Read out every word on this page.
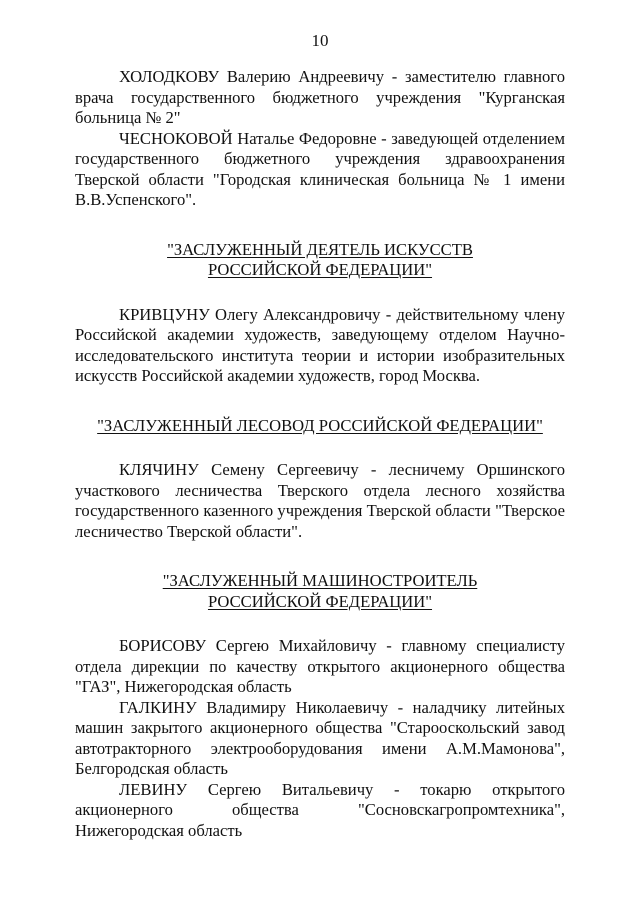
10

ХОЛОДКОВУ Валерию Андреевичу - заместителю главного врача государственного бюджетного учреждения "Курганская больница № 2"

ЧЕСНОКОВОЙ Наталье Федоровне - заведующей отделением государственного бюджетного учреждения здравоохранения Тверской области "Городская клиническая больница № 1 имени В.В.Успенского".

"ЗАСЛУЖЕННЫЙ ДЕЯТЕЛЬ ИСКУССТВ
РОССИЙСКОЙ ФЕДЕРАЦИИ"

КРИВЦУНУ Олегу Александровичу - действительному члену Российской академии художеств, заведующему отделом Научно-исследовательского института теории и истории изобразительных искусств Российской академии художеств, город Москва.

"ЗАСЛУЖЕННЫЙ ЛЕСОВОД РОССИЙСКОЙ ФЕДЕРАЦИИ"

КЛЯЧИНУ Семену Сергеевичу - лесничему Оршинского участкового лесничества Тверского отдела лесного хозяйства государственного казенного учреждения Тверской области "Тверское лесничество Тверской области".

"ЗАСЛУЖЕННЫЙ МАШИНОСТРОИТЕЛЬ
РОССИЙСКОЙ ФЕДЕРАЦИИ"

БОРИСОВУ Сергею Михайловичу - главному специалисту отдела дирекции по качеству открытого акционерного общества "ГАЗ", Нижегородская область

ГАЛКИНУ Владимиру Николаевичу - наладчику литейных машин закрытого акционерного общества "Старооскольский завод автотракторного электрооборудования имени А.М.Мамонова", Белгородская область

ЛЕВИНУ Сергею Витальевичу - токарю открытого акционерного общества "Сосновскагропромтехника", Нижегородская область
